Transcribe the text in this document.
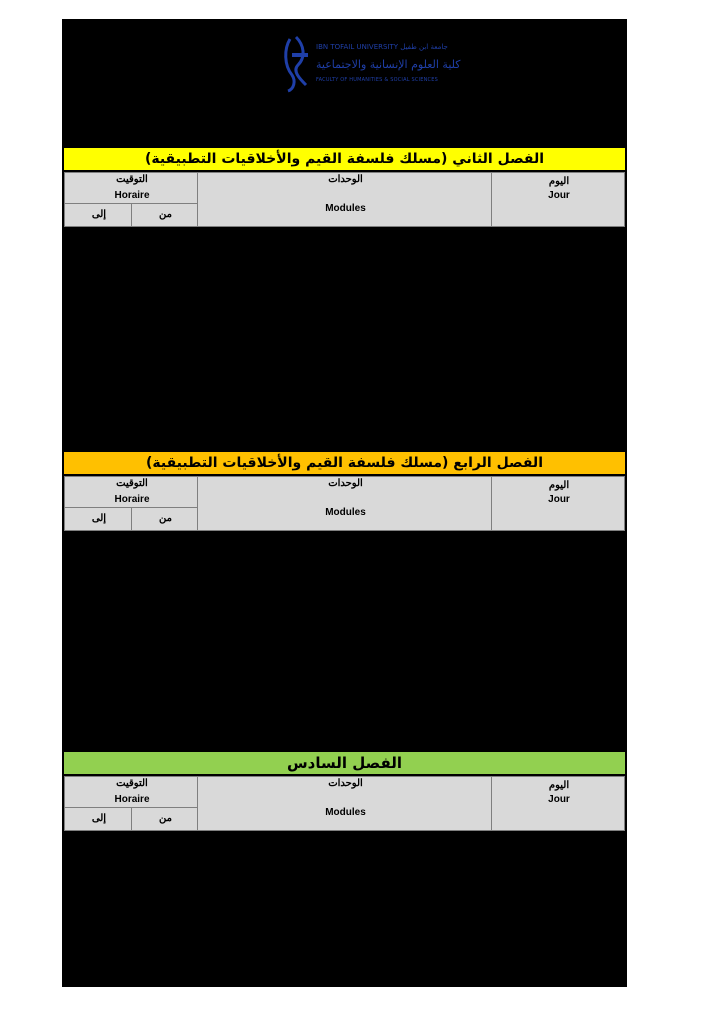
جامعة ابن طفيل IBN TOFAIL UNIVERSITY
كلية العلوم الإنسانية والاجتماعية
FACULTY OF HUMANITIES & SOCIAL SCIENCES
الفصل الثاني (مسلك فلسفة القيم والأخلاقيات التطبيقية)
اليوم
Jour
الوحدات
Modules
التوقيت
Horaire
من
إلى
الفصل الرابع (مسلك فلسفة القيم والأخلاقيات التطبيقية)
اليوم
Jour
الوحدات
Modules
التوقيت
Horaire
من
إلى
الفصل السادس
اليوم
Jour
الوحدات
Modules
التوقيت
Horaire
من
إلى
